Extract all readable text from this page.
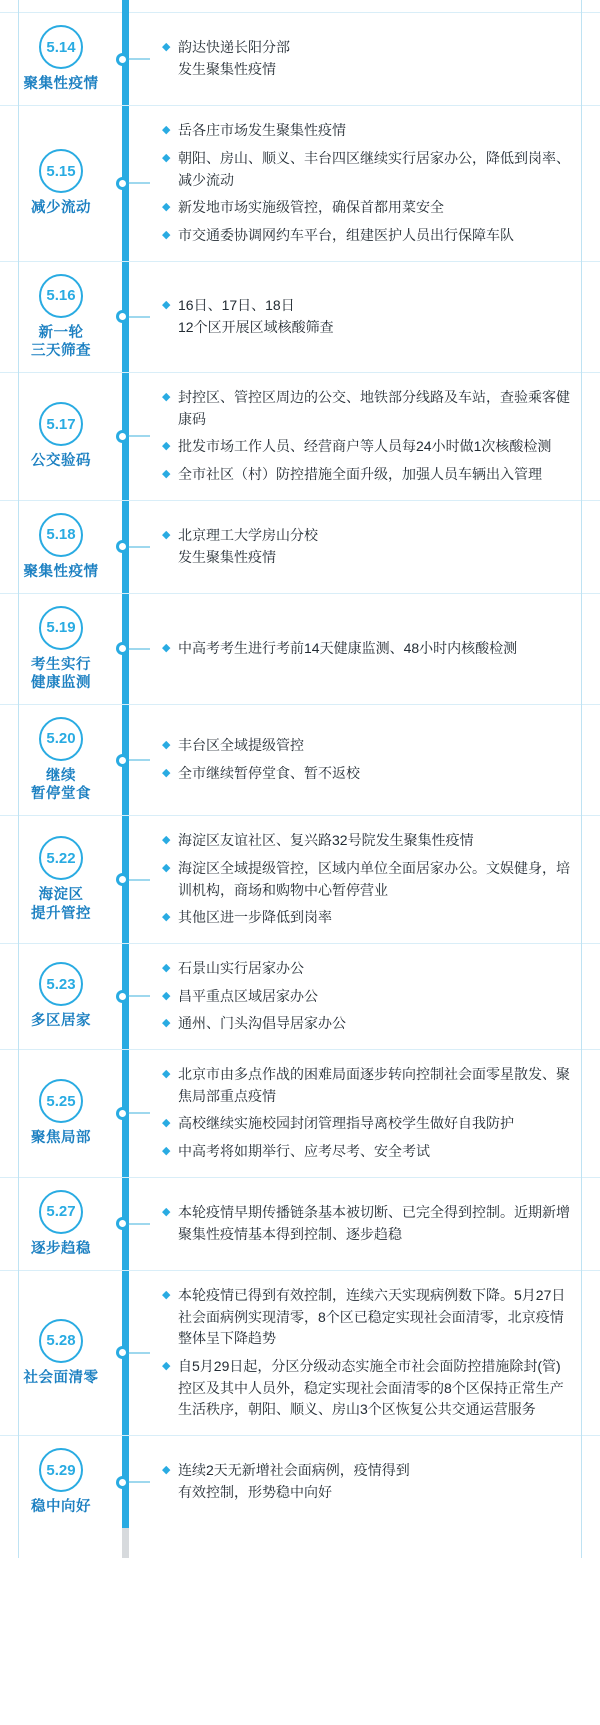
5.14
聚集性疫情
◆ 韵达快递长阳分部
发生聚集性疫情
5.15
减少流动
◆ 岳各庄市场发生聚集性疫情
◆ 朝阳、房山、顺义、丰台四区继续实行居家办公，降低到岗率、减少流动
◆ 新发地市场实施级管控，确保首都用菜安全
◆ 市交通委协调网约车平台，组建医护人员出行保障车队
5.16
新一轮
三天筛查
◆ 16日、17日、18日
12个区开展区域核酸筛查
5.17
公交验码
◆ 封控区、管控区周边的公交、地铁部分线路及车站，查验乘客健康码
◆ 批发市场工作人员、经营商户等人员每24小时做1次核酸检测
◆ 全市社区（村）防控措施全面升级，加强人员车辆出入管理
5.18
聚集性疫情
◆ 北京理工大学房山分校
发生聚集性疫情
5.19
考生实行
健康监测
◆ 中高考考生进行考前14天健康监测、48小时内核酸检测
5.20
继续
暂停堂食
◆ 丰台区全域提级管控
◆ 全市继续暂停堂食、暂不返校
5.22
海淀区
提升管控
◆ 海淀区友谊社区、复兴路32号院发生聚集性疫情
◆ 海淀区全域提级管控，区域内单位全面居家办公。文娱健身，培训机构，商场和购物中心暂停营业
◆ 其他区进一步降低到岗率
5.23
多区居家
◆ 石景山实行居家办公
◆ 昌平重点区域居家办公
◆ 通州、门头沟倡导居家办公
5.25
聚焦局部
◆ 北京市由多点作战的困难局面逐步转向控制社会面零星散发、聚焦局部重点疫情
◆ 高校继续实施校园封闭管理指导离校学生做好自我防护
◆ 中高考将如期举行、应考尽考、安全考试
5.27
逐步趋稳
◆ 本轮疫情早期传播链条基本被切断、已完全得到控制。近期新增聚集性疫情基本得到控制、逐步趋稳
5.28
社会面清零
◆ 本轮疫情已得到有效控制，连续六天实现病例数下降。5月27日社会面病例实现清零，8个区已稳定实现社会面清零，北京疫情整体呈下降趋势
◆ 自5月29日起，分区分级动态实施全市社会面防控措施除封(管)控区及其中人员外，稳定实现社会面清零的8个区保持正常生产生活秩序，朝阳、顺义、房山3个区恢复公共交通运营服务
5.29
稳中向好
◆ 连续2天无新增社会面病例，疫情得到
有效控制，形势稳中向好
